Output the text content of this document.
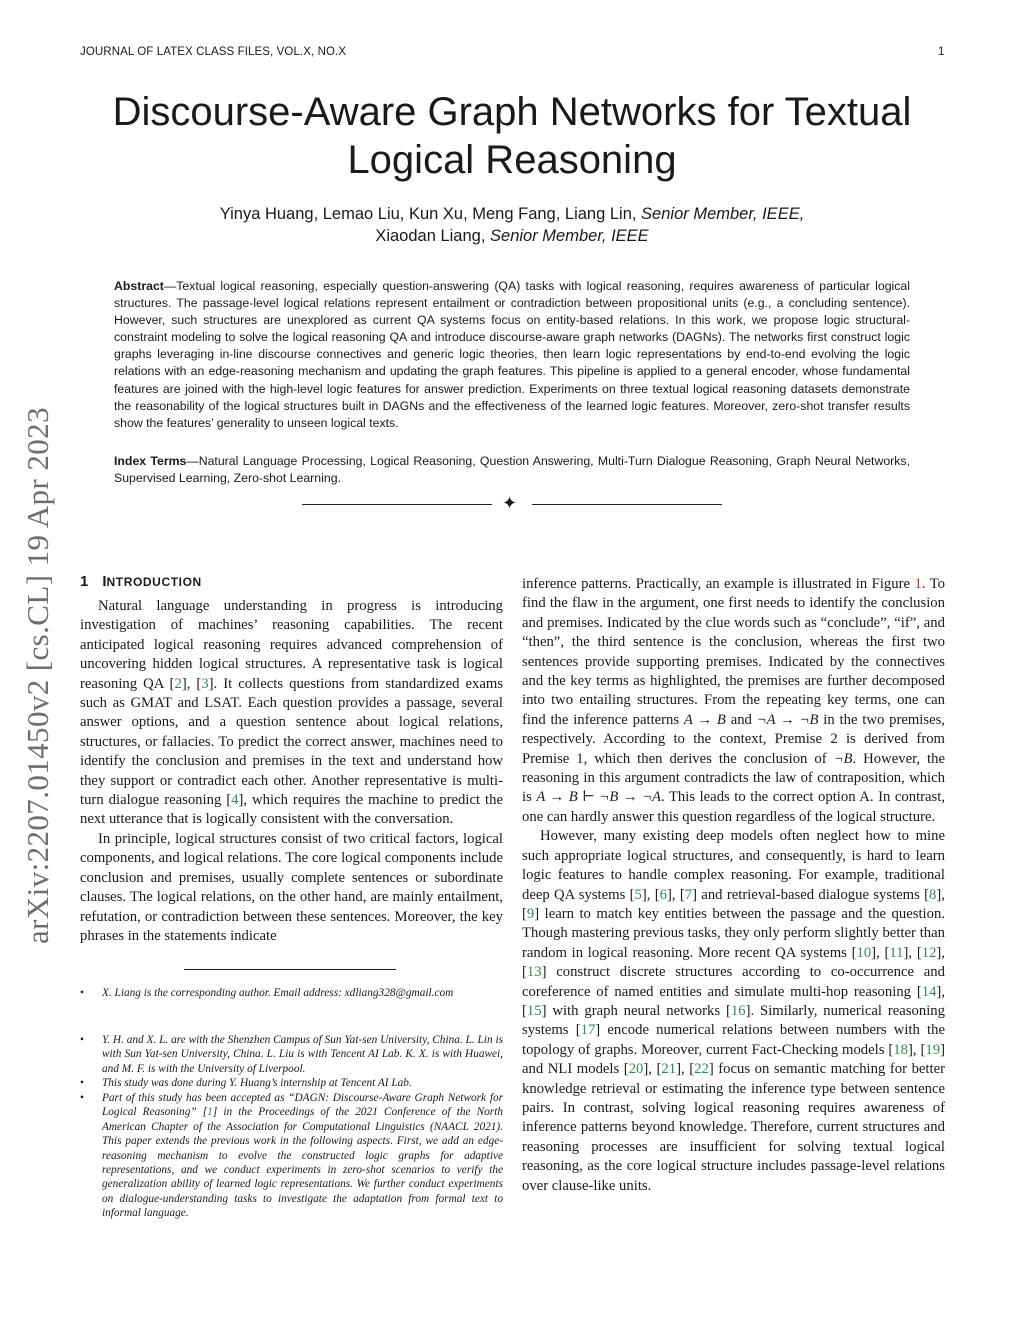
JOURNAL OF LATEX CLASS FILES, VOL.X, NO.X	1
Discourse-Aware Graph Networks for Textual Logical Reasoning
Yinya Huang, Lemao Liu, Kun Xu, Meng Fang, Liang Lin, Senior Member, IEEE,
Xiaodan Liang, Senior Member, IEEE
Abstract—Textual logical reasoning, especially question-answering (QA) tasks with logical reasoning, requires awareness of particular logical structures. The passage-level logical relations represent entailment or contradiction between propositional units (e.g., a concluding sentence). However, such structures are unexplored as current QA systems focus on entity-based relations. In this work, we propose logic structural-constraint modeling to solve the logical reasoning QA and introduce discourse-aware graph networks (DAGNs). The networks first construct logic graphs leveraging in-line discourse connectives and generic logic theories, then learn logic representations by end-to-end evolving the logic relations with an edge-reasoning mechanism and updating the graph features. This pipeline is applied to a general encoder, whose fundamental features are joined with the high-level logic features for answer prediction. Experiments on three textual logical reasoning datasets demonstrate the reasonability of the logical structures built in DAGNs and the effectiveness of the learned logic features. Moreover, zero-shot transfer results show the features’ generality to unseen logical texts.
Index Terms—Natural Language Processing, Logical Reasoning, Question Answering, Multi-Turn Dialogue Reasoning, Graph Neural Networks, Supervised Learning, Zero-shot Learning.
✦
1 INTRODUCTION

Natural language understanding in progress is introducing investigation of machines’ reasoning capabilities. The recent anticipated logical reasoning requires advanced comprehension of uncovering hidden logical structures. A representative task is logical reasoning QA [2], [3]. It collects questions from standardized exams such as GMAT and LSAT. Each question provides a passage, several answer options, and a question sentence about logical relations, structures, or fallacies. To predict the correct answer, machines need to identify the conclusion and premises in the text and understand how they support or contradict each other. Another representative is multi-turn dialogue reasoning [4], which requires the machine to predict the next utterance that is logically consistent with the conversation.

In principle, logical structures consist of two critical factors, logical components, and logical relations. The core logical components include conclusion and premises, usually complete sentences or subordinate clauses. The logical relations, on the other hand, are mainly entailment, refutation, or contradiction between these sentences. Moreover, the key phrases in the statements indicate

• X. Liang is the corresponding author. Email address: xdliang328@gmail.com
• Y. H. and X. L. are with the Shenzhen Campus of Sun Yat-sen University, China. L. Lin is with Sun Yat-sen University, China. L. Liu is with Tencent AI Lab. K. X. is with Huawei, and M. F. is with the University of Liverpool.
• This study was done during Y. Huang’s internship at Tencent AI Lab.
• Part of this study has been accepted as “DAGN: Discourse-Aware Graph Network for Logical Reasoning” [1] in the Proceedings of the 2021 Conference of the North American Chapter of the Association for Computational Linguistics (NAACL 2021). This paper extends the previous work in the following aspects. First, we add an edge-reasoning mechanism to evolve the constructed logic graphs for adaptive representations, and we conduct experiments in zero-shot scenarios to verify the generalization ability of learned logic representations. We further conduct experiments on dialogue-understanding tasks to investigate the adaptation from formal text to informal language.

inference patterns. Practically, an example is illustrated in Figure 1. To find the flaw in the argument, one first needs to identify the conclusion and premises. Indicated by the clue words such as “conclude”, “if”, and “then”, the third sentence is the conclusion, whereas the first two sentences provide supporting premises. Indicated by the connectives and the key terms as highlighted, the premises are further decomposed into two entailing structures. From the repeating key terms, one can find the inference patterns A → B and ¬A → ¬B in the two premises, respectively. According to the context, Premise 2 is derived from Premise 1, which then derives the conclusion of ¬B. However, the reasoning in this argument contradicts the law of contraposition, which is A → B ⊢ ¬B → ¬A. This leads to the correct option A. In contrast, one can hardly answer this question regardless of the logical structure.

However, many existing deep models often neglect how to mine such appropriate logical structures, and consequently, is hard to learn logic features to handle complex reasoning. For example, traditional deep QA systems [5], [6], [7] and retrieval-based dialogue systems [8], [9] learn to match key entities between the passage and the question. Though mastering previous tasks, they only perform slightly better than random in logical reasoning. More recent QA systems [10], [11], [12], [13] construct discrete structures according to co-occurrence and coreference of named entities and simulate multi-hop reasoning [14], [15] with graph neural networks [16]. Similarly, numerical reasoning systems [17] encode numerical relations between numbers with the topology of graphs. Moreover, current Fact-Checking models [18], [19] and NLI models [20], [21], [22] focus on semantic matching for better knowledge retrieval or estimating the inference type between sentence pairs. In contrast, solving logical reasoning requires awareness of inference patterns beyond knowledge. Therefore, current structures and reasoning processes are insufficient for solving textual logical reasoning, as the core logical structure includes passage-level relations over clause-like units.

arXiv:2207.01450v2 [cs.CL] 19 Apr 2023
